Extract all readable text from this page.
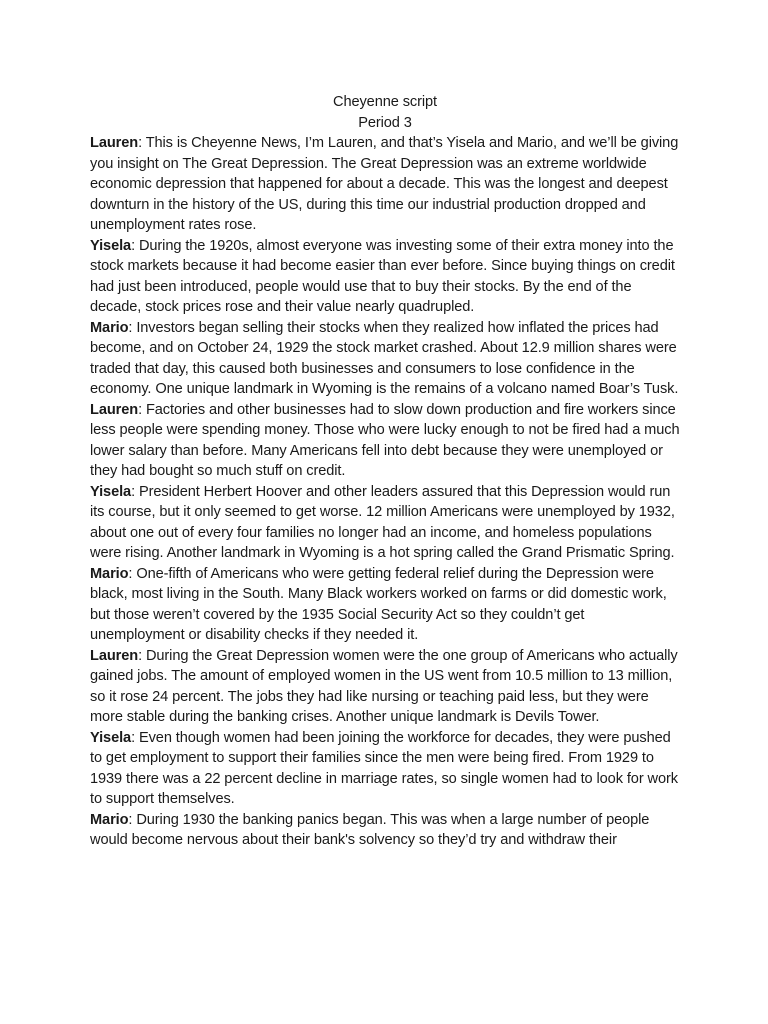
Cheyenne script
Period 3

Lauren: This is Cheyenne News, I’m Lauren, and that’s Yisela and Mario, and we’ll be giving you insight on The Great Depression. The Great Depression was an extreme worldwide economic depression that happened for about a decade. This was the longest and deepest downturn in the history of the US, during this time our industrial production dropped and unemployment rates rose.

Yisela: During the 1920s, almost everyone was investing some of their extra money into the stock markets because it had become easier than ever before. Since buying things on credit had just been introduced, people would use that to buy their stocks. By the end of the decade, stock prices rose and their value nearly quadrupled.

Mario: Investors began selling their stocks when they realized how inflated the prices had become, and on October 24, 1929 the stock market crashed. About 12.9 million shares were traded that day, this caused both businesses and consumers to lose confidence in the economy. One unique landmark in Wyoming is the remains of a volcano named Boar’s Tusk.

Lauren: Factories and other businesses had to slow down production and fire workers since less people were spending money. Those who were lucky enough to not be fired had a much lower salary than before. Many Americans fell into debt because they were unemployed or they had bought so much stuff on credit.

Yisela: President Herbert Hoover and other leaders assured that this Depression would run its course, but it only seemed to get worse. 12 million Americans were unemployed by 1932, about one out of every four families no longer had an income, and homeless populations were rising. Another landmark in Wyoming is a hot spring called the Grand Prismatic Spring.

Mario: One-fifth of Americans who were getting federal relief during the Depression were black, most living in the South. Many Black workers worked on farms or did domestic work, but those weren’t covered by the 1935 Social Security Act so they couldn’t get unemployment or disability checks if they needed it.

Lauren: During the Great Depression women were the one group of Americans who actually gained jobs. The amount of employed women in the US went from 10.5 million to 13 million, so it rose 24 percent. The jobs they had like nursing or teaching paid less, but they were more stable during the banking crises. Another unique landmark is Devils Tower.

Yisela: Even though women had been joining the workforce for decades, they were pushed to get employment to support their families since the men were being fired. From 1929 to 1939 there was a 22 percent decline in marriage rates, so single women had to look for work to support themselves.

Mario: During 1930 the banking panics began. This was when a large number of people would become nervous about their bank's solvency so they’d try and withdraw their
